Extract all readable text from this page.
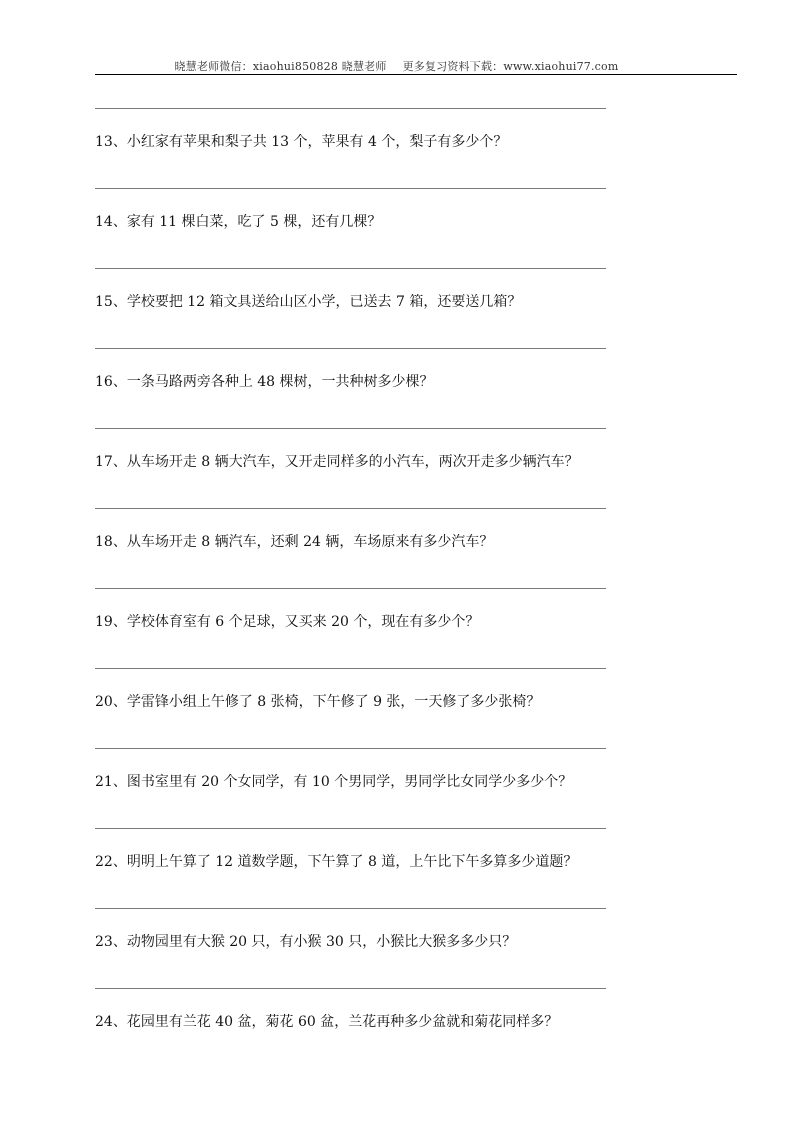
晓慧老师微信：xiaohui850828 晓慧老师 更多复习资料下载：www.xiaohui77.com
13、小红家有苹果和梨子共 13 个，苹果有 4 个，梨子有多少个？
14、家有 11 棵白菜，吃了 5 棵，还有几棵？
15、学校要把 12 箱文具送给山区小学，已送去 7 箱，还要送几箱？
16、一条马路两旁各种上 48 棵树，一共种树多少棵？
17、从车场开走 8 辆大汽车，又开走同样多的小汽车，两次开走多少辆汽车？
18、从车场开走 8 辆汽车，还剩 24 辆，车场原来有多少汽车？
19、学校体育室有 6 个足球，又买来 20 个，现在有多少个？
20、学雷锋小组上午修了 8 张椅，下午修了 9 张，一天修了多少张椅？
21、图书室里有 20 个女同学，有 10 个男同学，男同学比女同学少多少个？
22、明明上午算了 12 道数学题，下午算了 8 道，上午比下午多算多少道题？
23、动物园里有大猴 20 只，有小猴 30 只，小猴比大猴多多少只？
24、花园里有兰花 40 盆，菊花 60 盆，兰花再种多少盆就和菊花同样多？
